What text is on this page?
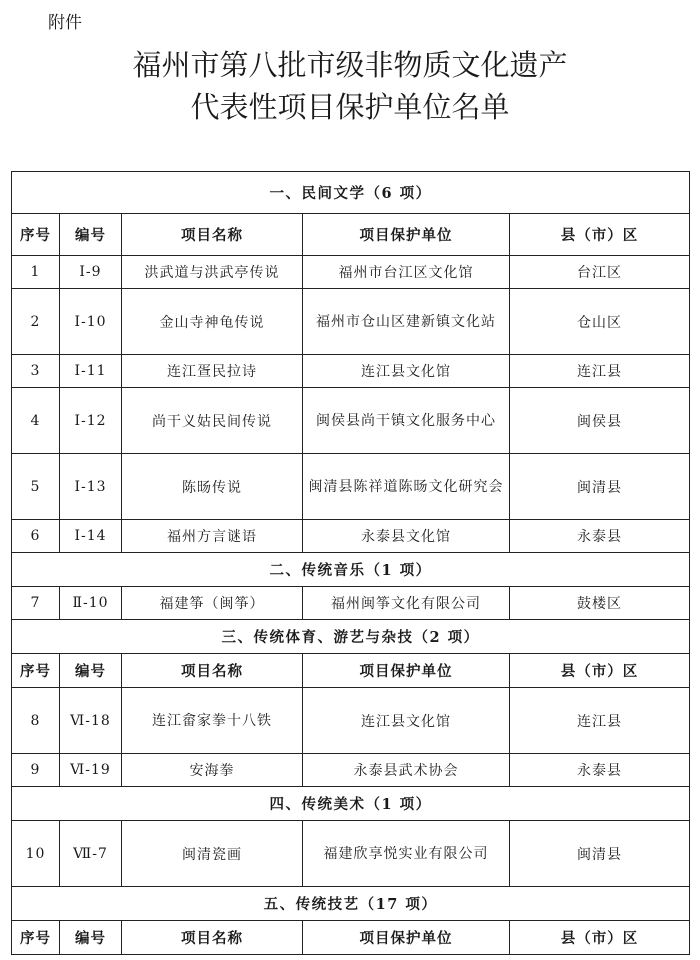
附件
福州市第八批市级非物质文化遗产
代表性项目保护单位名单
一、民间文学（6 项）				
序号	编号	项目名称	项目保护单位	县（市）区
1	Ⅰ-9	洪武道与洪武亭传说	福州市台江区文化馆	台江区
2	Ⅰ-10	金山寺神龟传说	福州市仓山区建新镇文化站	仓山区
3	Ⅰ-11	连江疍民拉诗	连江县文化馆	连江县
4	Ⅰ-12	尚干义姑民间传说	闽侯县尚干镇文化服务中心	闽侯县
5	Ⅰ-13	陈旸传说	闽清县陈祥道陈旸文化研究会	闽清县
6	Ⅰ-14	福州方言谜语	永泰县文化馆	永泰县
二、传统音乐（1 项）				
7	Ⅱ-10	福建筝（闽筝）	福州闽筝文化有限公司	鼓楼区
三、传统体育、游艺与杂技（2 项）				
序号	编号	项目名称	项目保护单位	县（市）区
8	Ⅵ-18	连江畲家拳十八铁	连江县文化馆	连江县
9	Ⅵ-19	安海拳	永泰县武术协会	永泰县
四、传统美术（1 项）				
10	Ⅶ-7	闽清瓷画	福建欣享悦实业有限公司	闽清县
五、传统技艺（17 项）				
序号	编号	项目名称	项目保护单位	县（市）区
